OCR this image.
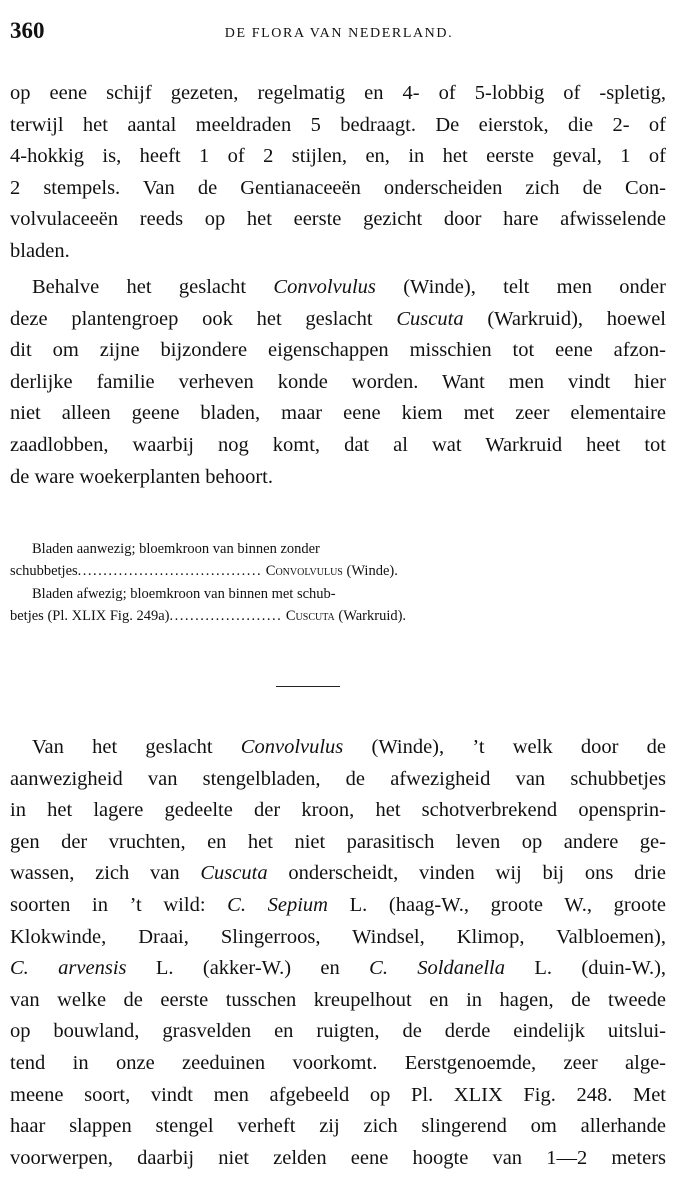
360	DE FLORA VAN NEDERLAND.
op eene schijf gezeten, regelmatig en 4- of 5-lobbig of -spletig,
terwijl het aantal meeldraden 5 bedraagt. De eierstok, die 2- of
4-hokkig is, heeft 1 of 2 stijlen, en, in het eerste geval, 1 of
2 stempels. Van de Gentianaceeën onderscheiden zich de Con-
volvulaceeën reeds op het eerste gezicht door hare afwisselende
bladen.
Behalve het geslacht Convolvulus (Winde), telt men onder
deze plantengroep ook het geslacht Cuscuta (Warkruid), hoewel
dit om zijne bijzondere eigenschappen misschien tot eene afzon-
derlijke familie verheven konde worden. Want men vindt hier
niet alleen geene bladen, maar eene kiem met zeer elementaire
zaadlobben, waarbij nog komt, dat al wat Warkruid heet tot
de ware woekerplanten behoort.
Bladen aanwezig; bloemkroon van binnen zonder
schubbetjes.................................... Convolvulus (Winde).
Bladen afwezig; bloemkroon van binnen met schub-
betjes (Pl. XLIX Fig. 249a)...................... Cuscuta (Warkruid).
Van het geslacht Convolvulus (Winde), ’t welk door de
aanwezigheid van stengelbladen, de afwezigheid van schubbetjes
in het lagere gedeelte der kroon, het schotverbrekend opensprin-
gen der vruchten, en het niet parasitisch leven op andere ge-
wassen, zich van Cuscuta onderscheidt, vinden wij bij ons drie
soorten in ’t wild: C. Sepium L. (haag-W., groote W., groote
Klokwinde, Draai, Slingerroos, Windsel, Klimop, Valbloemen),
C. arvensis L. (akker-W.) en C. Soldanella L. (duin-W.),
van welke de eerste tusschen kreupelhout en in hagen, de tweede
op bouwland, grasvelden en ruigten, de derde eindelijk uitslui-
tend in onze zeeduinen voorkomt. Eerstgenoemde, zeer alge-
meene soort, vindt men afgebeeld op Pl. XLIX Fig. 248. Met
haar slappen stengel verheft zij zich slingerend om allerhande
voorwerpen, daarbij niet zelden eene hoogte van 1—2 meters
